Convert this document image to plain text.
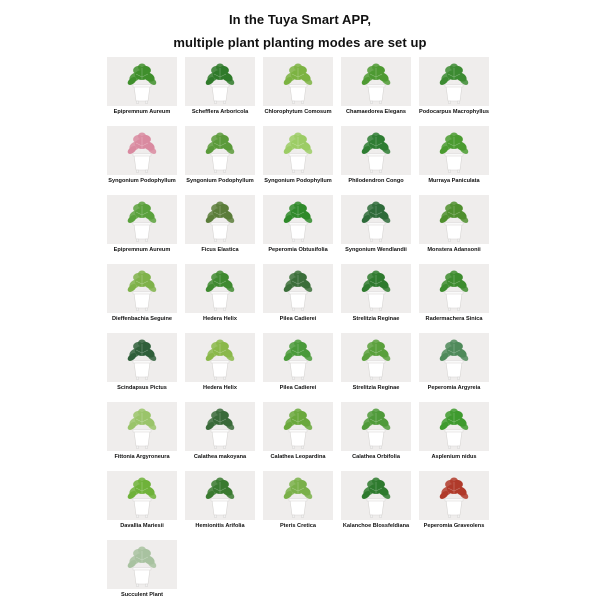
In the Tuya Smart APP,
multiple plant planting modes are set up
Epipremnum Aureum	Schefflera Arboricola	Chlorophytum Comosum	Chamaedorea Elegans	Podocarpus Macrophyllus
Syngonium Podophyllum	Syngonium Podophyllum	Syngonium Podophyllum	Philodendron Congo	Murraya Paniculata
Epipremnum Aureum	Ficus Elastica	Peperomia Obtusifolia	Syngonium Wendlandii	Monstera Adansonii
Dieffenbachia Seguine	Hedera Helix	Pilea Cadierei	Strelitzia Reginae	Radermachera Sinica
Scindapsus Pictus	Hedera Helix	Pilea Cadierei	Strelitzia Reginae	Peperomia Argyreia
Fittonia Argyroneura	Calathea makoyana	Calathea Leopardina	Calathea Orbifolia	Asplenium nidus
Davallia Mariesii	Hemionitis Arifolia	Pteris Cretica	Kalanchoe Blossfeldiana	Peperomia Graveolens
Succulent Plant
